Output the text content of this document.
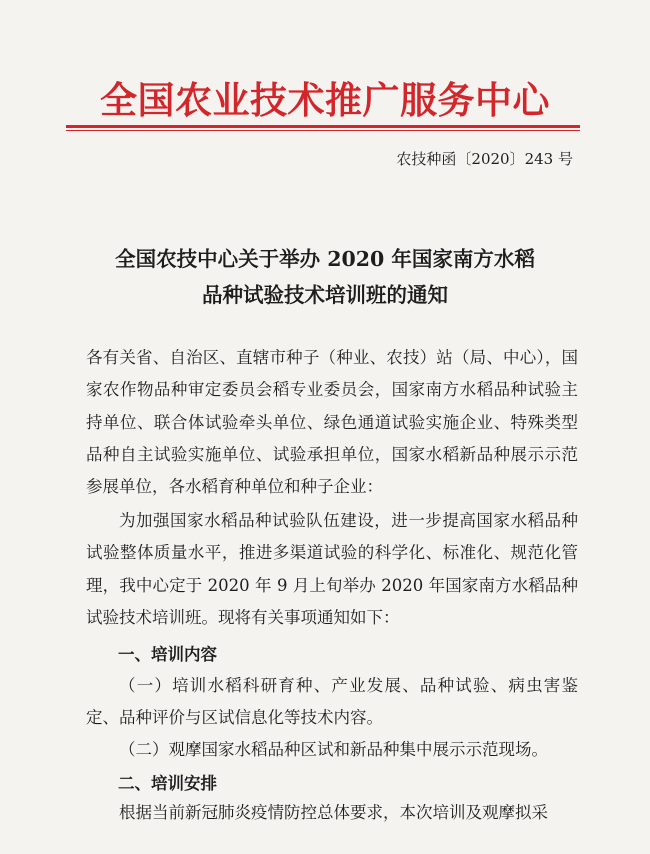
全国农业技术推广服务中心
农技种函〔2020〕243 号
全国农技中心关于举办 2020 年国家南方水稻
品种试验技术培训班的通知
各有关省、自治区、直辖市种子（种业、农技）站（局、中心），国家农作物品种审定委员会稻专业委员会，国家南方水稻品种试验主持单位、联合体试验牵头单位、绿色通道试验实施企业、特殊类型品种自主试验实施单位、试验承担单位，国家水稻新品种展示示范参展单位，各水稻育种单位和种子企业：
为加强国家水稻品种试验队伍建设，进一步提高国家水稻品种试验整体质量水平，推进多渠道试验的科学化、标准化、规范化管理，我中心定于 2020 年 9 月上旬举办 2020 年国家南方水稻品种试验技术培训班。现将有关事项通知如下：
一、培训内容
（一）培训水稻科研育种、产业发展、品种试验、病虫害鉴定、品种评价与区试信息化等技术内容。
（二）观摩国家水稻品种区试和新品种集中展示示范现场。
二、培训安排
根据当前新冠肺炎疫情防控总体要求，本次培训及观摩拟采
